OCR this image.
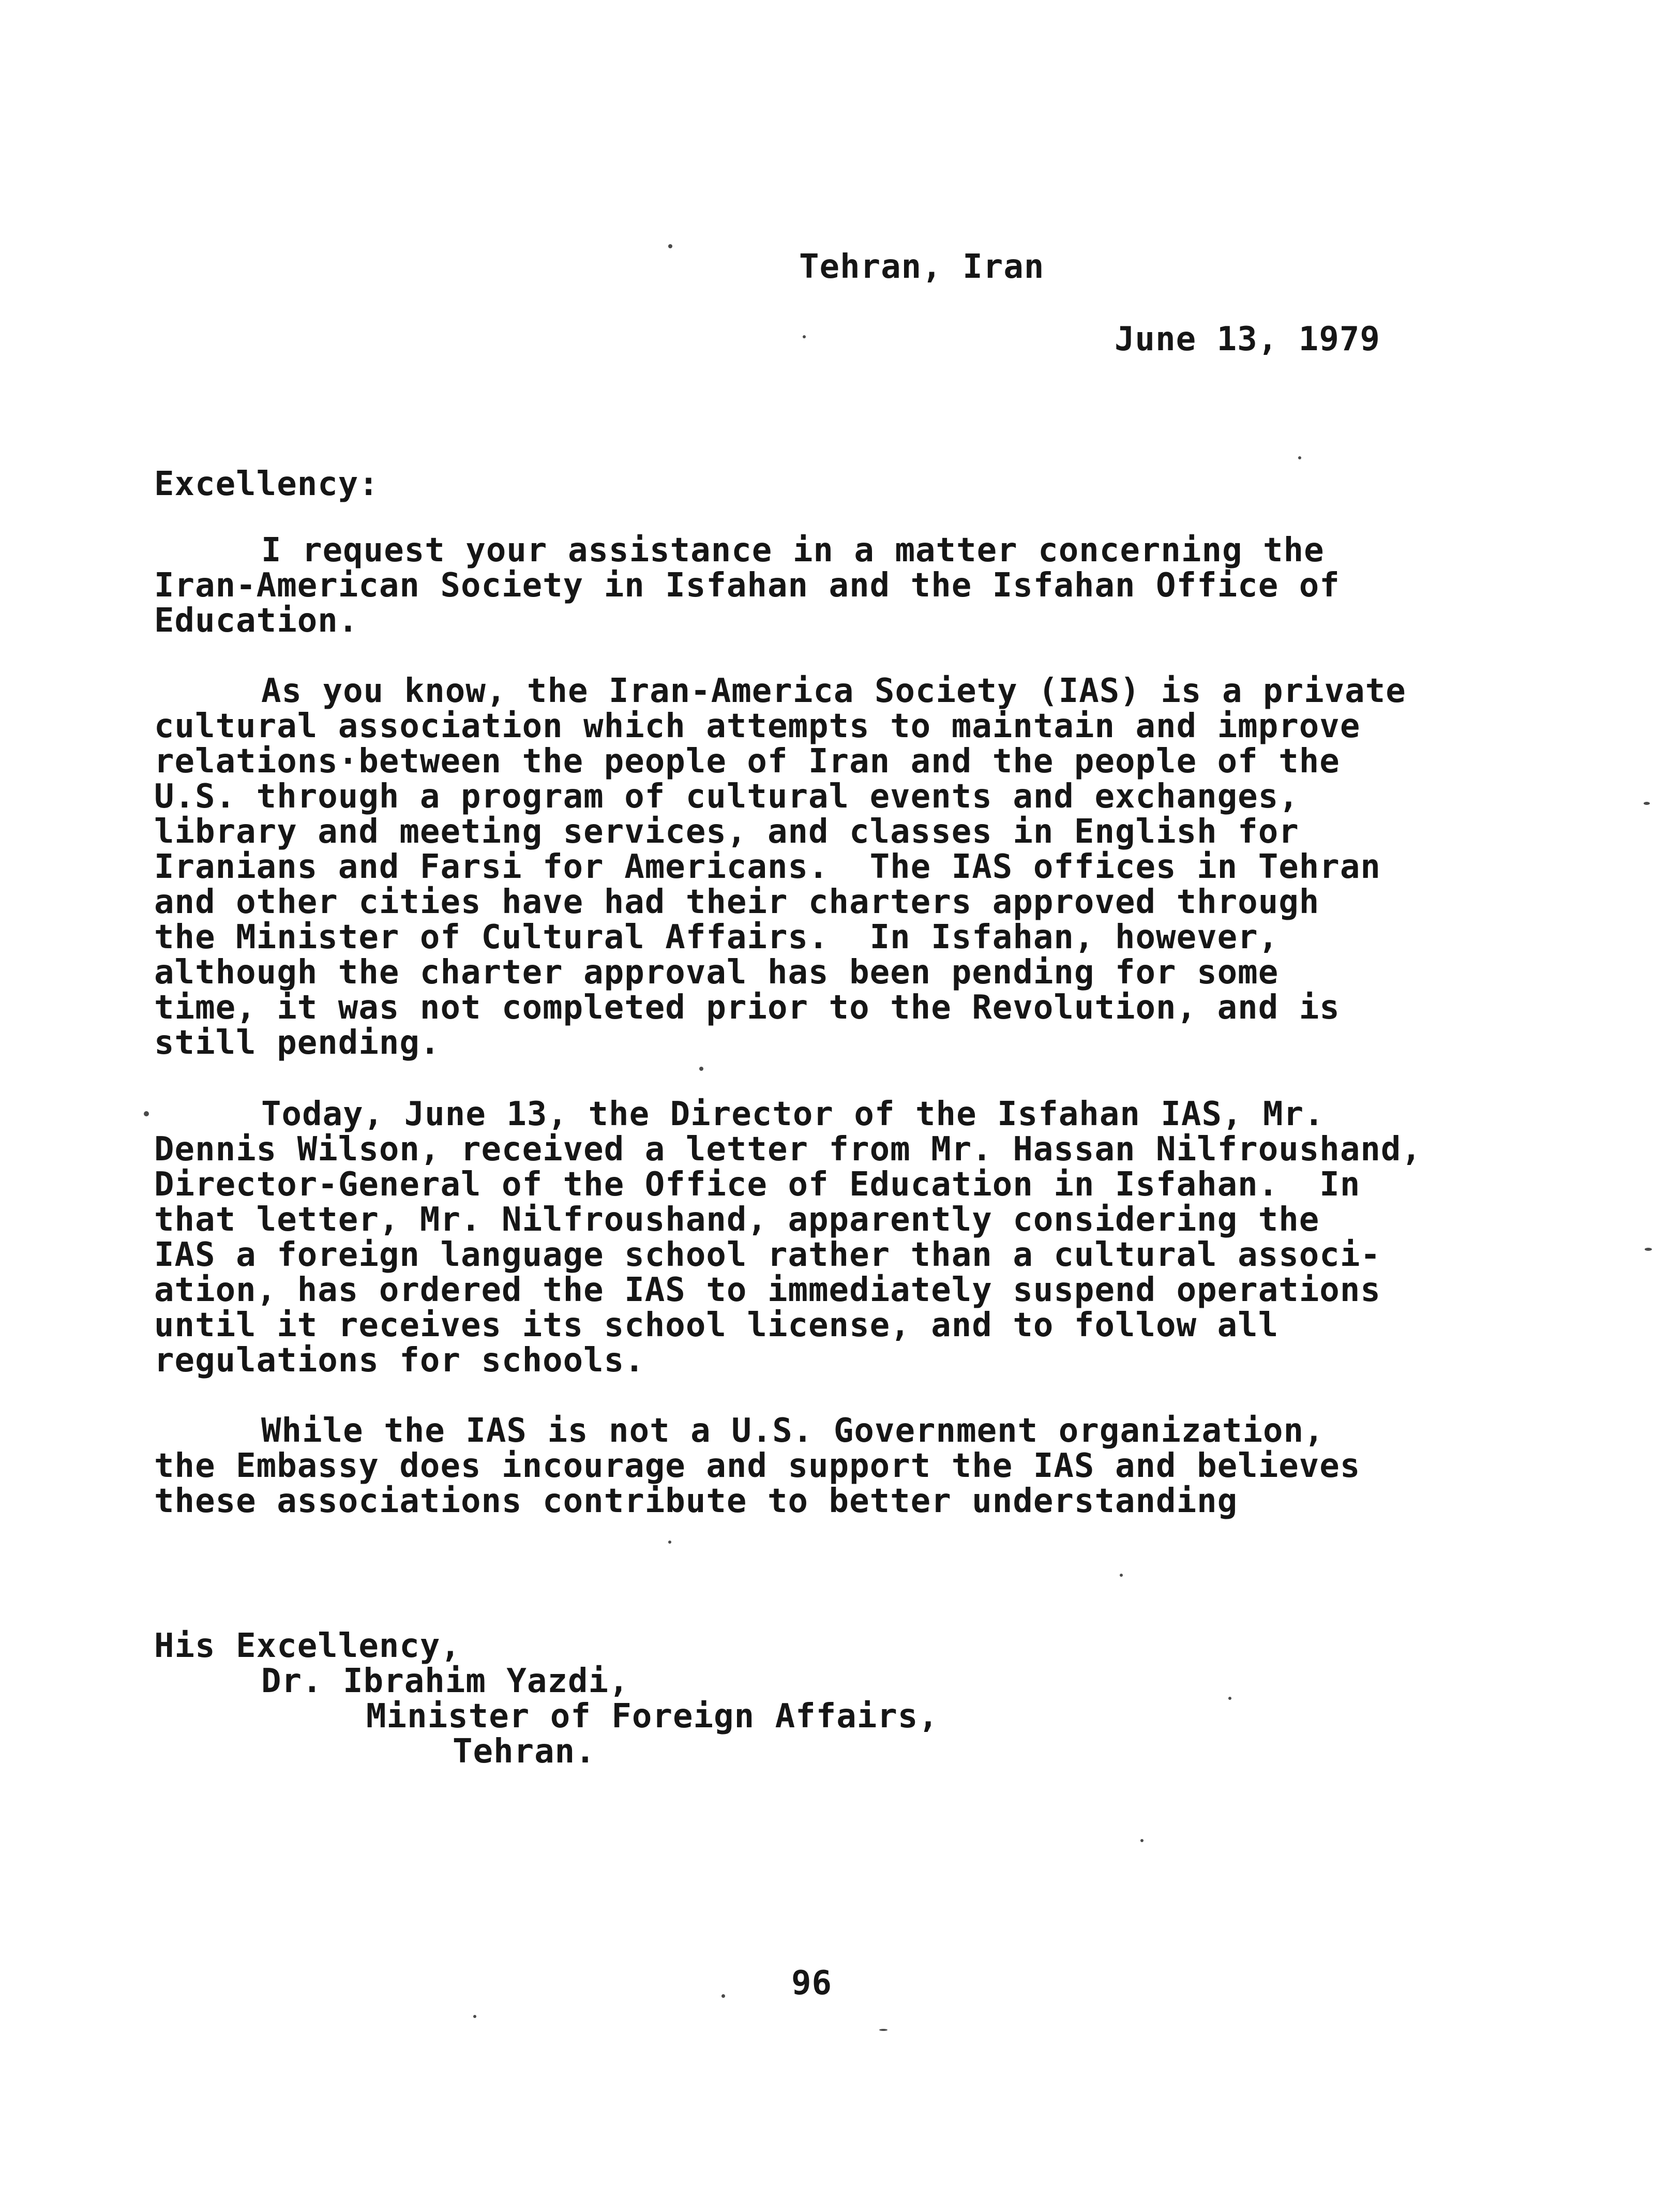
Tehran, Iran
June 13, 1979
Excellency:
I request your assistance in a matter concerning the
Iran-American Society in Isfahan and the Isfahan Office of
Education.
As you know, the Iran-America Society (IAS) is a private
cultural association which attempts to maintain and improve
relations·between the people of Iran and the people of the
U.S. through a program of cultural events and exchanges,
library and meeting services, and classes in English for
Iranians and Farsi for Americans.  The IAS offices in Tehran
and other cities have had their charters approved through
the Minister of Cultural Affairs.  In Isfahan, however,
although the charter approval has been pending for some
time, it was not completed prior to the Revolution, and is
still pending.
Today, June 13, the Director of the Isfahan IAS, Mr.
Dennis Wilson, received a letter from Mr. Hassan Nilfroushand,
Director-General of the Office of Education in Isfahan.  In
that letter, Mr. Nilfroushand, apparently considering the
IAS a foreign language school rather than a cultural associ-
ation, has ordered the IAS to immediately suspend operations
until it receives its school license, and to follow all
regulations for schools.
While the IAS is not a U.S. Government organization,
the Embassy does incourage and support the IAS and believes
these associations contribute to better understanding
His Excellency,
Dr. Ibrahim Yazdi,
Minister of Foreign Affairs,
Tehran.
96
